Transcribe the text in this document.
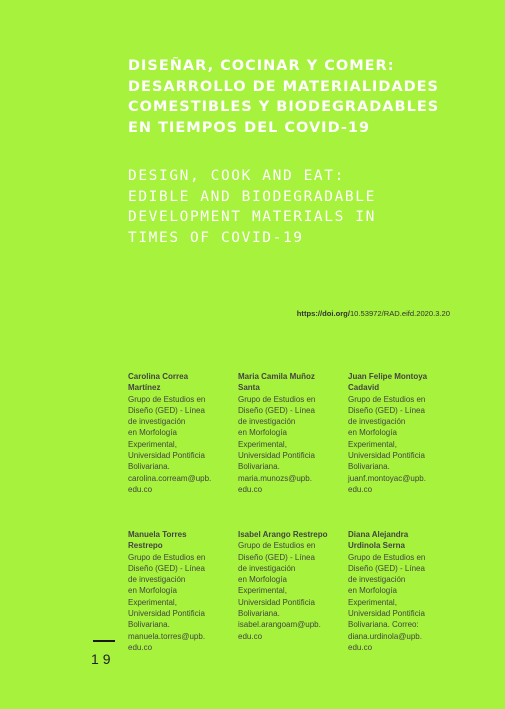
DISEÑAR, COCINAR Y COMER:
DESARROLLO DE MATERIALIDADES
COMESTIBLES Y BIODEGRADABLES
EN TIEMPOS DEL COVID-19
DESIGN, COOK AND EAT:
EDIBLE AND BIODEGRADABLE
DEVELOPMENT MATERIALS IN
TIMES OF COVID-19
https://doi.org/10.53972/RAD.eifd.2020.3.20
Carolina Correa
Martínez
Grupo de Estudios en
Diseño (GED) - Línea
de investigación
en Morfología
Experimental,
Universidad Pontificia
Bolivariana.
carolina.corream@upb.
edu.co
Maria Camila Muñoz
Santa
Grupo de Estudios en
Diseño (GED) - Línea
de investigación
en Morfología
Experimental,
Universidad Pontificia
Bolivariana.
maria.munozs@upb.
edu.co
Juan Felipe Montoya
Cadavid
Grupo de Estudios en
Diseño (GED) - Línea
de investigación
en Morfología
Experimental,
Universidad Pontificia
Bolivariana.
juanf.montoyac@upb.
edu.co
Manuela Torres
Restrepo
Grupo de Estudios en
Diseño (GED) - Línea
de investigación
en Morfología
Experimental,
Universidad Pontificia
Bolivariana.
manuela.torres@upb.
edu.co
Isabel Arango Restrepo
Grupo de Estudios en
Diseño (GED) - Línea
de investigación
en Morfología
Experimental,
Universidad Pontificia
Bolivariana.
isabel.arangoam@upb.
edu.co
Diana Alejandra
Urdinola Serna
Grupo de Estudios en
Diseño (GED) - Línea
de investigación
en Morfología
Experimental,
Universidad Pontificia
Bolivariana. Correo:
diana.urdinola@upb.
edu.co
19
